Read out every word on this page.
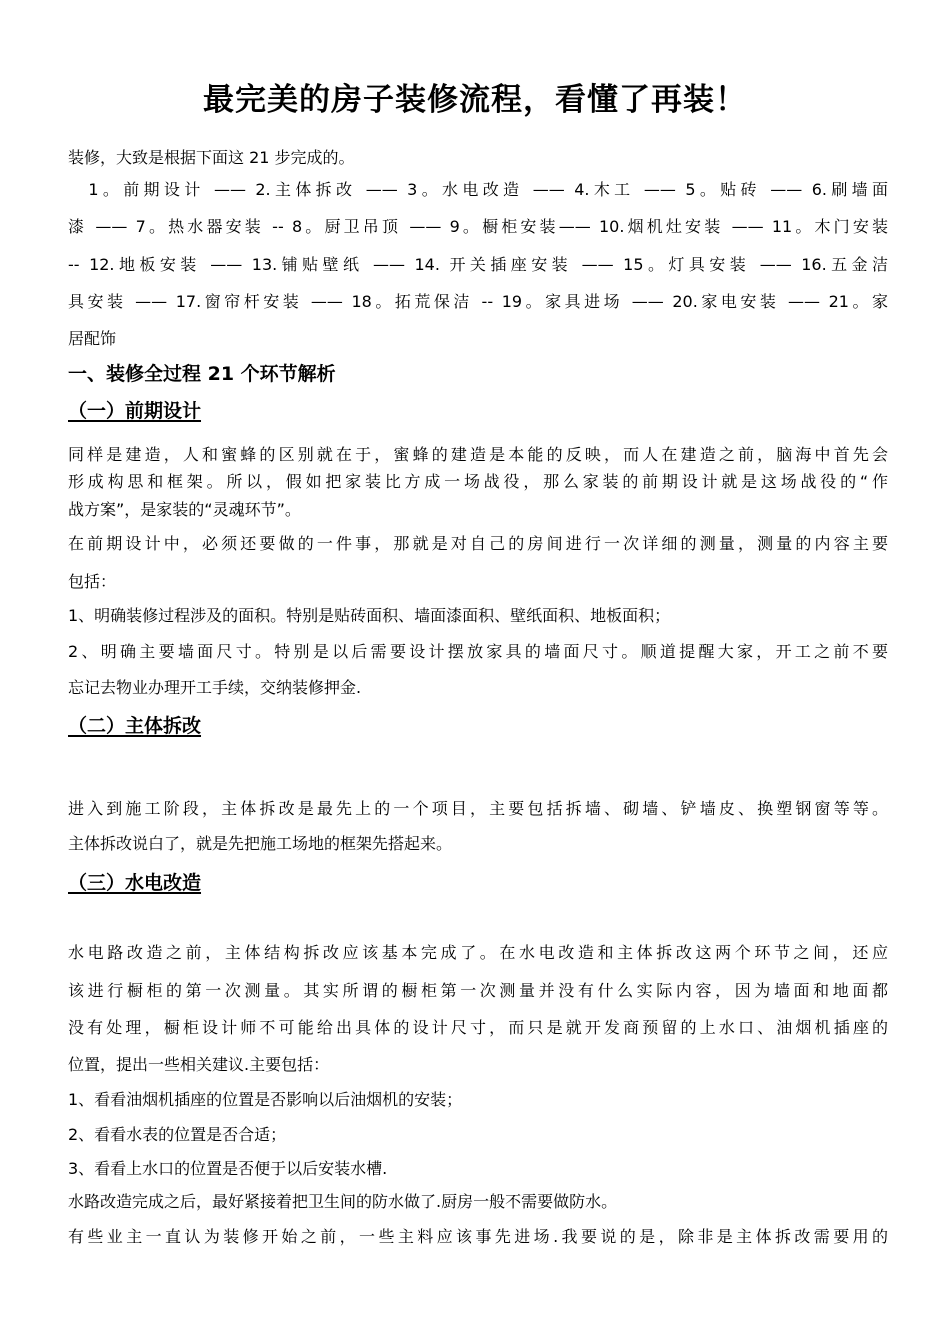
最完美的房子装修流程，看懂了再装！
装修，大致是根据下面这 21 步完成的。
　1。前期设计 —— 2.主体拆改 —— 3。水电改造 —— 4.木工 —— 5。贴砖 —— 6.刷墙面
漆 —— 7。热水器安装 -- 8。厨卫吊顶 —— 9。橱柜安装—— 10.烟机灶安装 —— 11。木门安装
-- 12.地板安装 —— 13.铺贴壁纸 —— 14. 开关插座安装 —— 15。灯具安装 —— 16.五金洁
具安装 —— 17.窗帘杆安装 —— 18。拓荒保洁 -- 19。家具进场 —— 20.家电安装 —— 21。家
居配饰
一、装修全过程 21 个环节解析
（一）前期设计
同样是建造，人和蜜蜂的区别就在于，蜜蜂的建造是本能的反映，而人在建造之前，脑海中首先会
形成构思和框架。所以，假如把家装比方成一场战役，那么家装的前期设计就是这场战役的“作
战方案”，是家装的“灵魂环节”。
在前期设计中，必须还要做的一件事，那就是对自己的房间进行一次详细的测量，测量的内容主要
包括：
1、明确装修过程涉及的面积。特别是贴砖面积、墙面漆面积、壁纸面积、地板面积；
2、明确主要墙面尺寸。特别是以后需要设计摆放家具的墙面尺寸。顺道提醒大家，开工之前不要
忘记去物业办理开工手续，交纳装修押金.
（二）主体拆改
进入到施工阶段，主体拆改是最先上的一个项目，主要包括拆墙、砌墙、铲墙皮、换塑钢窗等等。
主体拆改说白了，就是先把施工场地的框架先搭起来。
（三）水电改造
水电路改造之前，主体结构拆改应该基本完成了。在水电改造和主体拆改这两个环节之间，还应
该进行橱柜的第一次测量。其实所谓的橱柜第一次测量并没有什么实际内容，因为墙面和地面都
没有处理，橱柜设计师不可能给出具体的设计尺寸，而只是就开发商预留的上水口、油烟机插座的
位置，提出一些相关建议.主要包括：
1、看看油烟机插座的位置是否影响以后油烟机的安装；
2、看看水表的位置是否合适；
3、看看上水口的位置是否便于以后安装水槽.
水路改造完成之后，最好紧接着把卫生间的防水做了.厨房一般不需要做防水。
有些业主一直认为装修开始之前，一些主料应该事先进场.我要说的是，除非是主体拆改需要用的
